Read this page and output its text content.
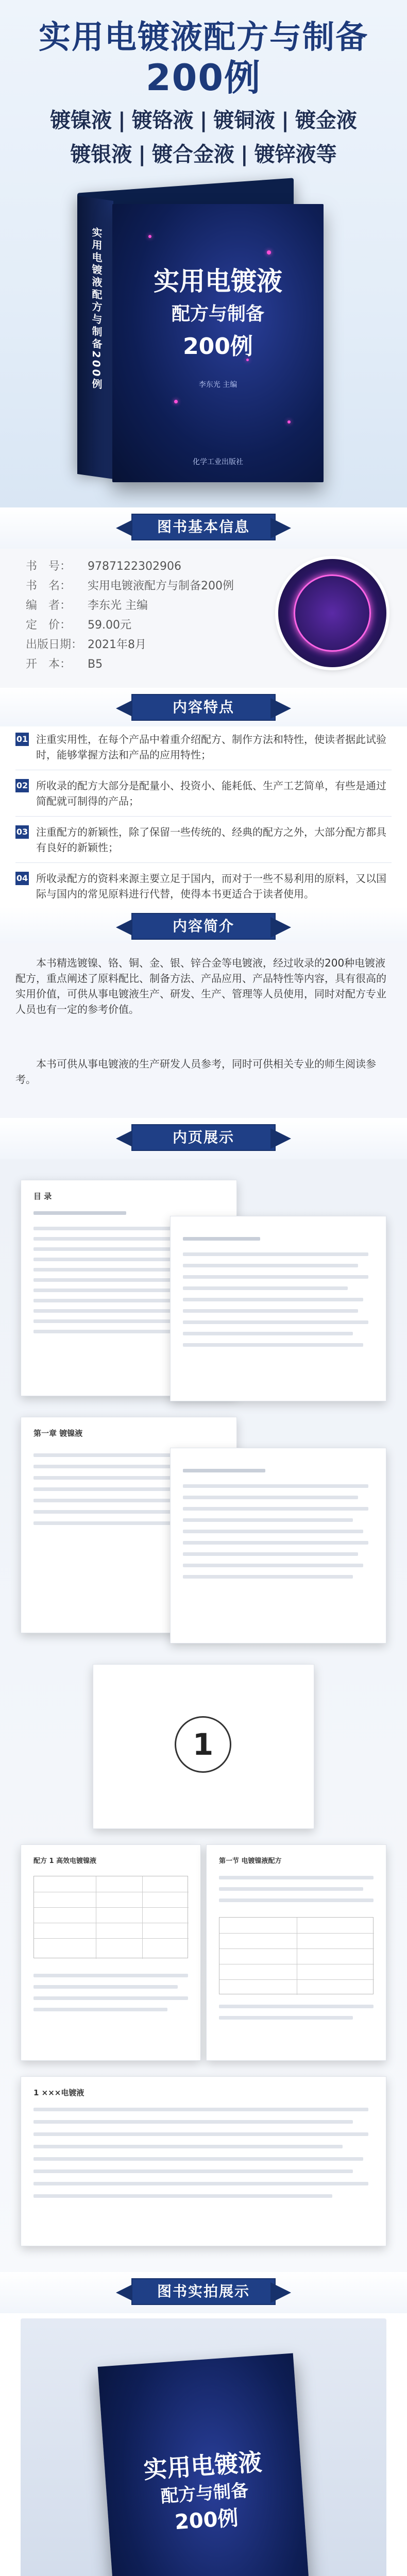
实用电镀液配方与制备
200例
镀镍液 | 镀铬液 | 镀铜液 | 镀金液
镀银液 | 镀合金液 | 镀锌液等
实用电镀液配方与制备200例	实用电镀液
配方与制备
200例
李东光 主编
化学工业出版社
图书基本信息
书　号： 9787122302906
书　名： 实用电镀液配方与制备200例
编　者： 李东光 主编
定　价： 59.00元
出版日期： 2021年8月
开　本： B5
内容特点
01 注重实用性，在每个产品中着重介绍配方、制作方法和特性，使读者据此试验时，能够掌握方法和产品的应用特性；
02 所收录的配方大部分是配量小、投资小、能耗低、生产工艺简单，有些是通过简配就可制得的产品；
03 注重配方的新颖性，除了保留一些传统的、经典的配方之外，大部分配方都具有良好的新颖性；
04 所收录配方的资料来源主要立足于国内，而对于一些不易利用的原料，又以国际与国内的常见原料进行代替，使得本书更适合于读者使用。
内容简介

本书精选镀镍、铬、铜、金、银、锌合金等电镀液，经过收录的200种电镀液配方，重点阐述了原料配比、制备方法、产品应用、产品特性等内容，具有很高的实用价值，可供从事电镀液生产、研发、生产、管理等人员使用，同时对配方专业人员也有一定的参考价值。

本书可供从事电镀液的生产研发人员参考，同时可供相关专业的师生阅读参考。

内页展示
目 录
第一章 镀镍液
1
配方 1 高效电镀镍液	第一节 电镀镍液配方
1 ×××电镀液
图书实拍展示
实用电镀液
配方与制备
200例
